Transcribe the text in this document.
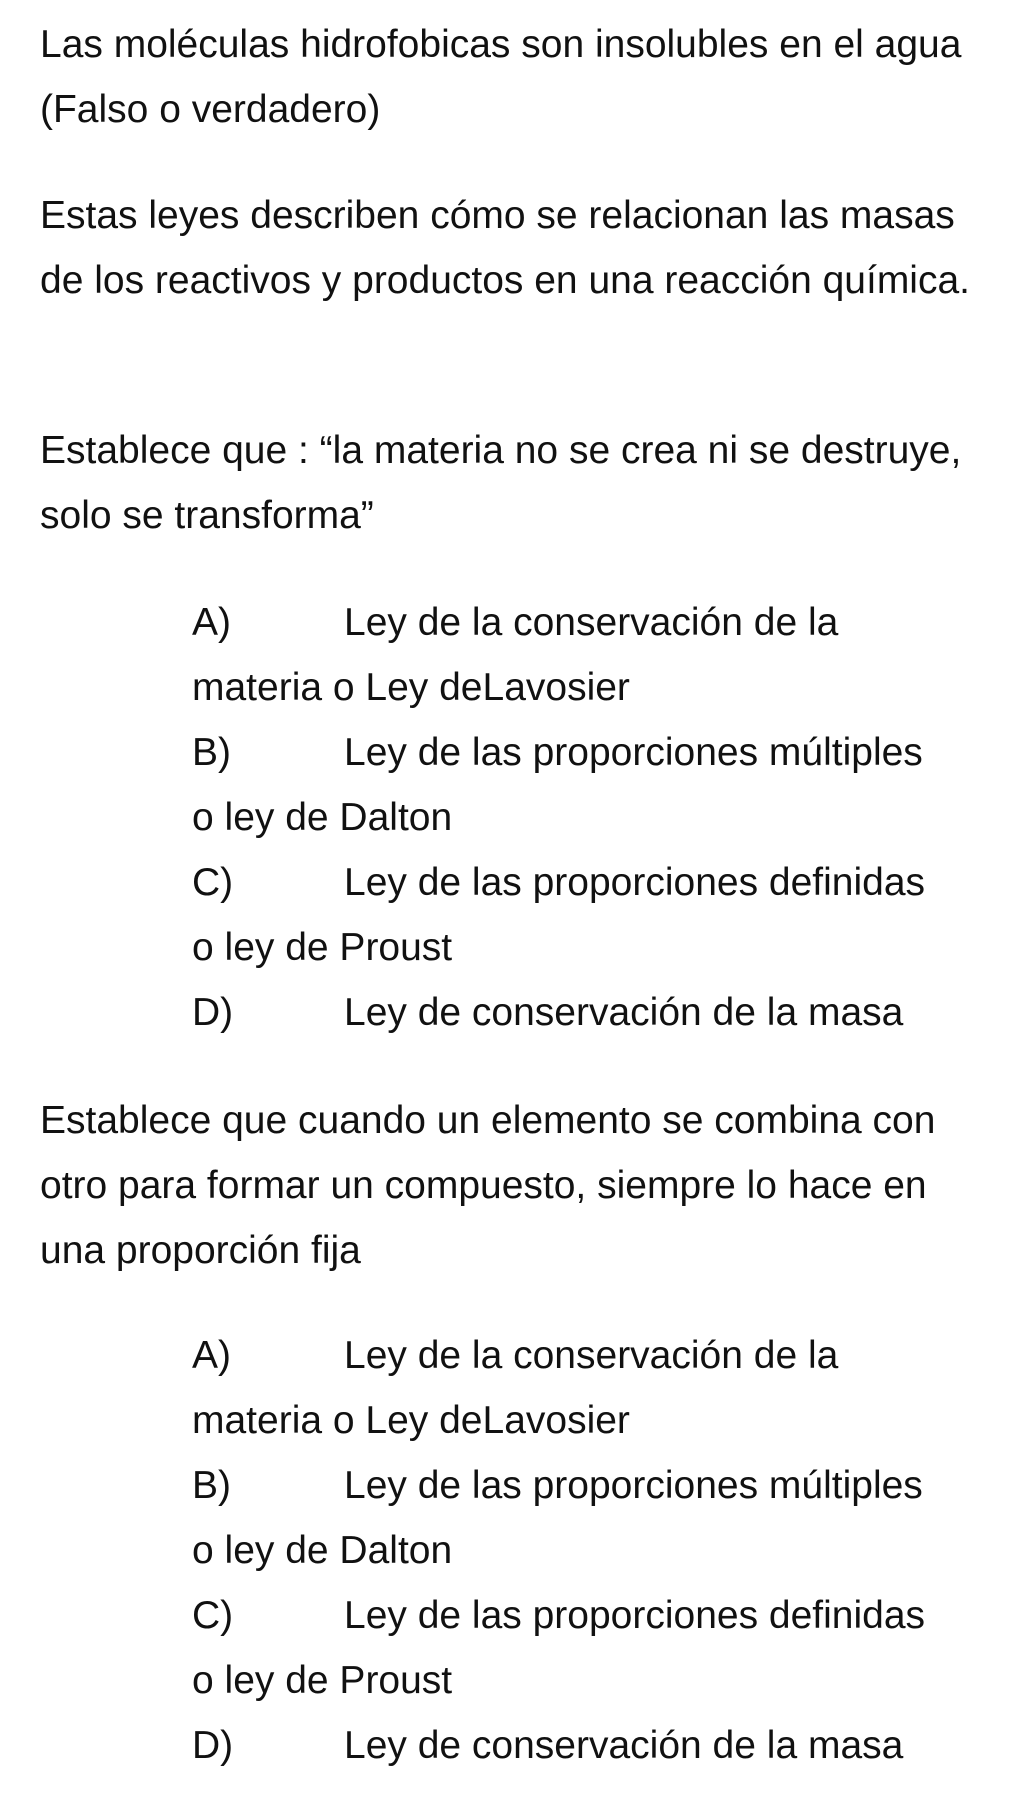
Las moléculas hidrofobicas son insolubles en el agua (Falso o verdadero)

Estas leyes describen cómo se relacionan las masas de los reactivos y productos en una reacción química.

Establece que : “la materia no se crea ni se destruye, solo se transforma”

A)	Ley de la conservación de la
materia o Ley deLavosier
B)	Ley de las proporciones múltiples
o ley de Dalton
C)	Ley de las proporciones definidas
o ley de Proust
D)	Ley de conservación de la masa

Establece que cuando un elemento se combina con otro para formar un compuesto, siempre lo hace en una proporción fija

A)	Ley de la conservación de la
materia o Ley deLavosier
B)	Ley de las proporciones múltiples
o ley de Dalton
C)	Ley de las proporciones definidas
o ley de Proust
D)	Ley de conservación de la masa
